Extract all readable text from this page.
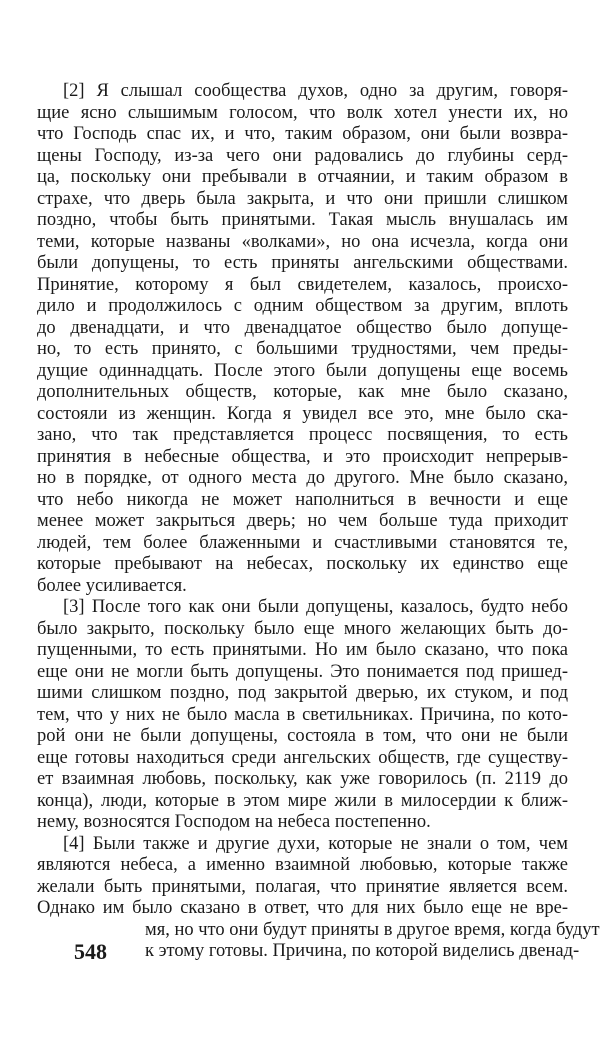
[2] Я слышал сообщества духов, одно за другим, говоря-
щие ясно слышимым голосом, что волк хотел унести их, но
что Господь спас их, и что, таким образом, они были возвра-
щены Господу, из-за чего они радовались до глубины серд-
ца, поскольку они пребывали в отчаянии, и таким образом в
страхе, что дверь была закрыта, и что они пришли слишком
поздно, чтобы быть принятыми. Такая мысль внушалась им
теми, которые названы «волками», но она исчезла, когда они
были допущены, то есть приняты ангельскими обществами.
Принятие, которому я был свидетелем, казалось, происхо-
дило и продолжилось с одним обществом за другим, вплоть
до двенадцати, и что двенадцатое общество было допуще-
но, то есть принято, с большими трудностями, чем преды-
дущие одиннадцать. После этого были допущены еще восемь
дополнительных обществ, которые, как мне было сказано,
состояли из женщин. Когда я увидел все это, мне было ска-
зано, что так представляется процесс посвящения, то есть
принятия в небесные общества, и это происходит непрерыв-
но в порядке, от одного места до другого. Мне было сказано,
что небо никогда не может наполниться в вечности и еще
менее может закрыться дверь; но чем больше туда приходит
людей, тем более блаженными и счастливыми становятся те,
которые пребывают на небесах, поскольку их единство еще
более усиливается.
[3] После того как они были допущены, казалось, будто небо
было закрыто, поскольку было еще много желающих быть до-
пущенными, то есть принятыми. Но им было сказано, что пока
еще они не могли быть допущены. Это понимается под пришед-
шими слишком поздно, под закрытой дверью, их стуком, и под
тем, что у них не было масла в светильниках. Причина, по кото-
рой они не были допущены, состояла в том, что они не были
еще готовы находиться среди ангельских обществ, где существу-
ет взаимная любовь, поскольку, как уже говорилось (п. 2119 до
конца), люди, которые в этом мире жили в милосердии к ближ-
нему, возносятся Господом на небеса постепенно.
[4] Были также и другие духи, которые не знали о том, чем
являются небеса, а именно взаимной любовью, которые также
желали быть принятыми, полагая, что принятие является всем.
Однако им было сказано в ответ, что для них было еще не вре-
мя, но что они будут приняты в другое время, когда будут
к этому готовы. Причина, по которой виделись двенад-
548
